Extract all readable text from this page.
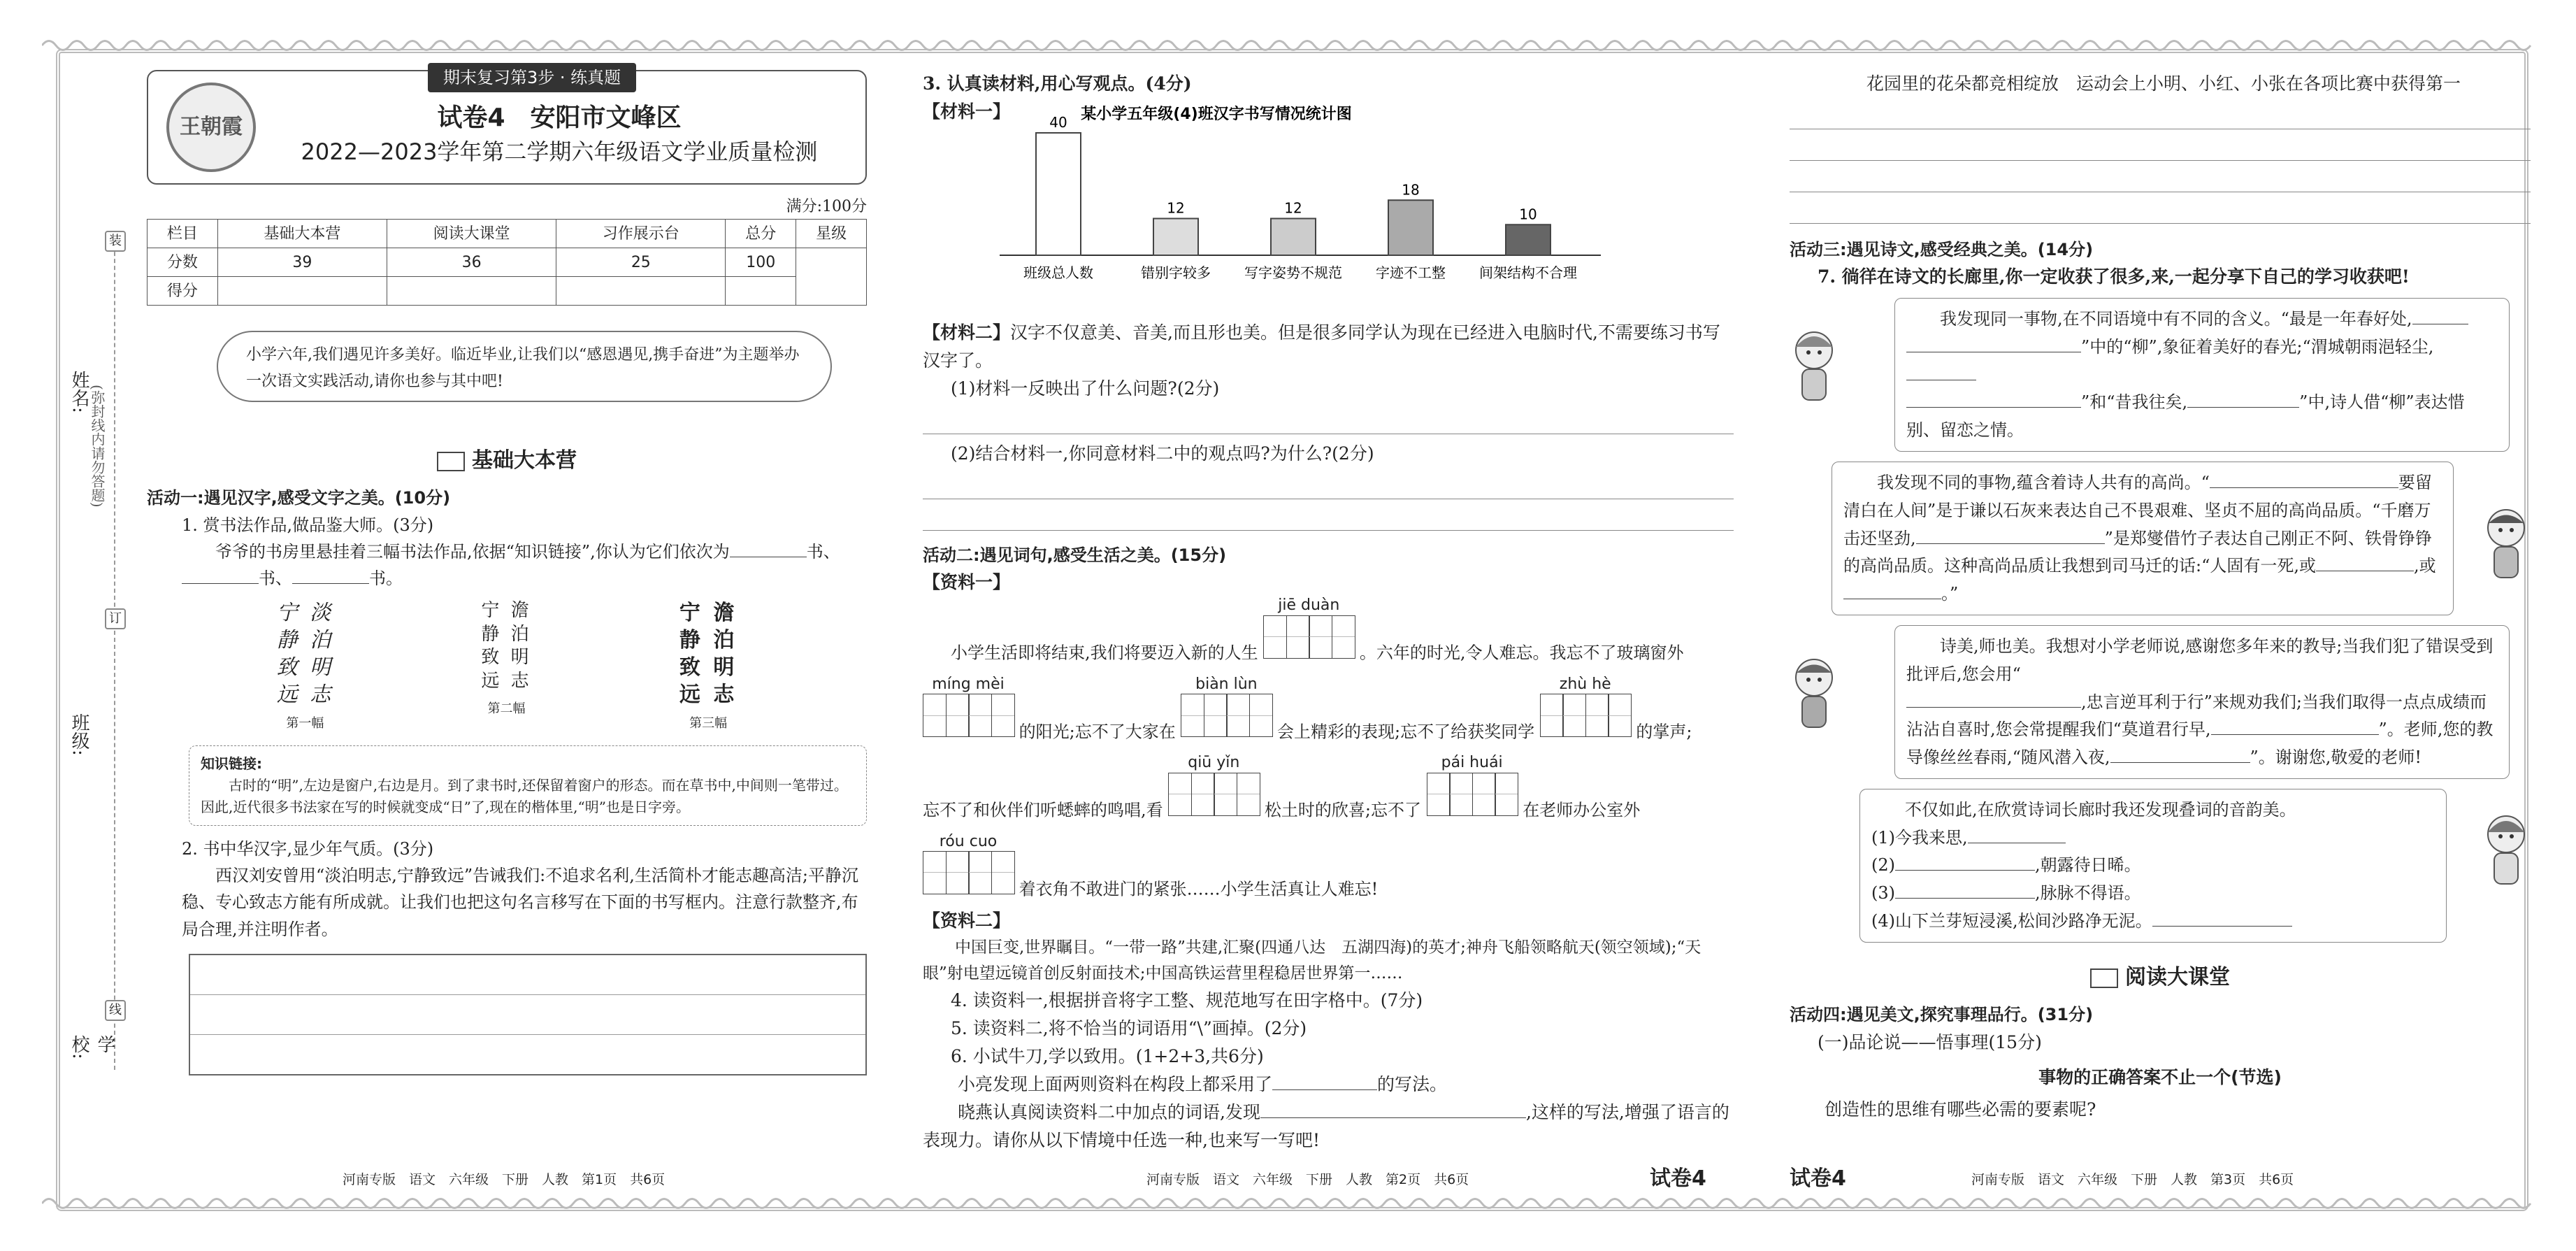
姓名:
班级:
学校:
(弥封线内请勿答题)
装
订
线
期末复习第3步 · 练真题
王朝霞	试卷4　安阳市文峰区
2022—2023学年第二学期六年级语文学业质量检测
满分:100分
栏目	基础大本营	阅读大课堂	习作展示台	总分	星级
分数	39	36	25	100	
得分					
小学六年,我们遇见许多美好。临近毕业,让我们以“感恩遇见,携手奋进”为主题举办一次语文实践活动,请你也参与其中吧!
基础大本营
活动一:遇见汉字,感受文字之美。(10分)

1. 赏书法作品,做品鉴大师。(3分)

爷爷的书房里悬挂着三幅书法作品,依据“知识链接”,你认为它们依次为	书、
书、	书。

宁 淡
静 泊
致 明
远 志
第一幅
宁 澹
静 泊
致 明
远 志
第二幅
宁 澹
静 泊
致 明
远 志
第三幅
知识链接:
古时的“明”,左边是窗户,右边是月。到了隶书时,还保留着窗户的形态。而在草书中,中间则一笔带过。因此,近代很多书法家在写的时候就变成“日”了,现在的楷体里,“明”也是日字旁。

2. 书中华汉字,显少年气质。(3分)

西汉刘安曾用“淡泊明志,宁静致远”告诫我们:不追求名利,生活简朴才能志趣高洁;平静沉稳、专心致志方能有所成就。让我们也把这句名言移写在下面的书写框内。注意行款整齐,布局合理,并注明作者。

河南专版　语文　六年级　下册　人教　第1页　共6页

3. 认真读材料,用心写观点。(4分)

【材料一】	某小学五年级(4)班汉字书写情况统计图
40
班级总人数
12
错别字较多
12
写字姿势不规范
18
字迹不工整
10
间架结构不合理

【材料二】汉字不仅意美、音美,而且形也美。但是很多同学认为现在已经进入电脑时代,不需要练习书写汉字了。

(1)材料一反映出了什么问题?(2分)

(2)结合材料一,你同意材料二中的观点吗?为什么?(2分)

活动二:遇见词句,感受生活之美。(15分)

【资料一】

小学生活即将结束,我们将要迈入新的人生
jiē duàn
。六年的时光,令人难忘。我忘不了玻璃窗外
míng mèi
的阳光;忘不了大家在
biàn lùn
会上精彩的表现;忘不了给获奖同学
zhù hè
的掌声;
忘不了和伙伴们听蟋蟀的鸣唱,看
qiū yǐn
松土时的欣喜;忘不了
pái huái
在老师办公室外
róu cuo
着衣角不敢进门的紧张……小学生活真让人难忘!

【资料二】

中国巨变,世界瞩目。“一带一路”共建,汇聚(四通八达　五湖四海)的英才;神舟飞船领略航天(领空领域);“天眼”射电望远镜首创反射面技术;中国高铁运营里程稳居世界第一……

4. 读资料一,根据拼音将字工整、规范地写在田字格中。(7分)

5. 读资料二,将不恰当的词语用“\”画掉。(2分)

6. 小试牛刀,学以致用。(1+2+3,共6分)

小亮发现上面两则资料在构段上都采用了	的写法。

晓燕认真阅读资料二中加点的词语,发现	,这样的写法,增强了语言的表现力。请你从以下情境中任选一种,也来写一写吧!

河南专版　语文　六年级　下册　人教　第2页　共6页	试卷4

花园里的花朵都竞相绽放　运动会上小明、小红、小张在各项比赛中获得第一

活动三:遇见诗文,感受经典之美。(14分)

7. 徜徉在诗文的长廊里,你一定收获了很多,来,一起分享下自己的学习收获吧!

我发现同一事物,在不同语境中有不同的含义。“最是一年春好处,
”中的“柳”,象征着美好的春光;“渭城朝雨浥轻尘,
”和“昔我往矣,	”中,诗人借“柳”表达惜别、留恋之情。
我发现不同的事物,蕴含着诗人共有的高尚。“	要留清白在人间”是于谦以石灰来表达自己不畏艰难、坚贞不屈的高尚品质。“千磨万击还坚劲,	”是郑燮借竹子表达自己刚正不阿、铁骨铮铮的高尚品质。这种高尚品质让我想到司马迁的话:“人固有一死,或	,或。”
诗美,师也美。我想对小学老师说,感谢您多年来的教导;当我们犯了错误受到批评后,您会用“,忠言逆耳利于行”来规劝我们;当我们取得一点点成绩而沾沾自喜时,您会常提醒我们“莫道君行早,	”。老师,您的教导像丝丝春雨,“随风潜入夜,	”。谢谢您,敬爱的老师!
不仅如此,在欣赏诗词长廊时我还发现叠词的音韵美。
(1)今我来思,
(2)	,朝露待日晞。
(3)	,脉脉不得语。
(4)山下兰芽短浸溪,松间沙路净无泥。
阅读大课堂
活动四:遇见美文,探究事理品行。(31分)

(一)品论说——悟事理(15分)

事物的正确答案不止一个(节选)

创造性的思维有哪些必需的要素呢?

试卷4	河南专版　语文　六年级　下册　人教　第3页　共6页
